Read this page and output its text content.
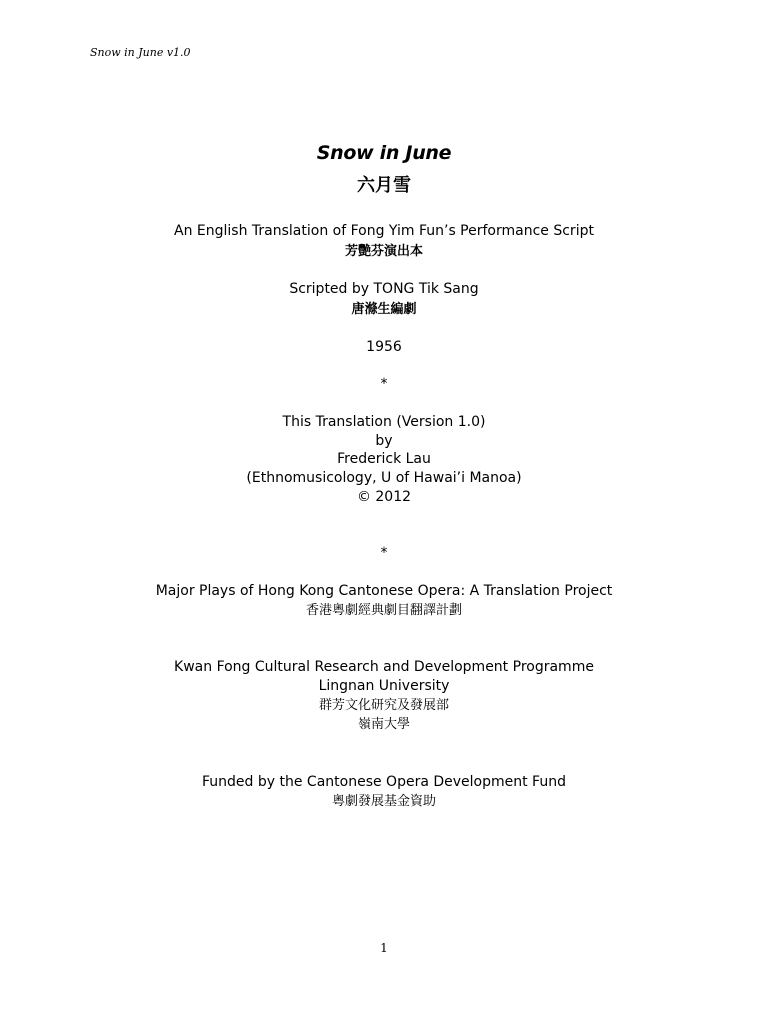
Snow in June v1.0
Snow in June
六月雪
An English Translation of Fong Yim Fun’s Performance Script
芳艷芬演出本
Scripted by TONG Tik Sang
唐滌生編劇
1956
*
This Translation (Version 1.0)
by
Frederick Lau
(Ethnomusicology, U of Hawai’i Manoa)
© 2012
*
Major Plays of Hong Kong Cantonese Opera: A Translation Project
香港粵劇經典劇目翻譯計劃
Kwan Fong Cultural Research and Development Programme
Lingnan University
群芳文化研究及發展部
嶺南大學
Funded by the Cantonese Opera Development Fund
粵劇發展基金資助
1
